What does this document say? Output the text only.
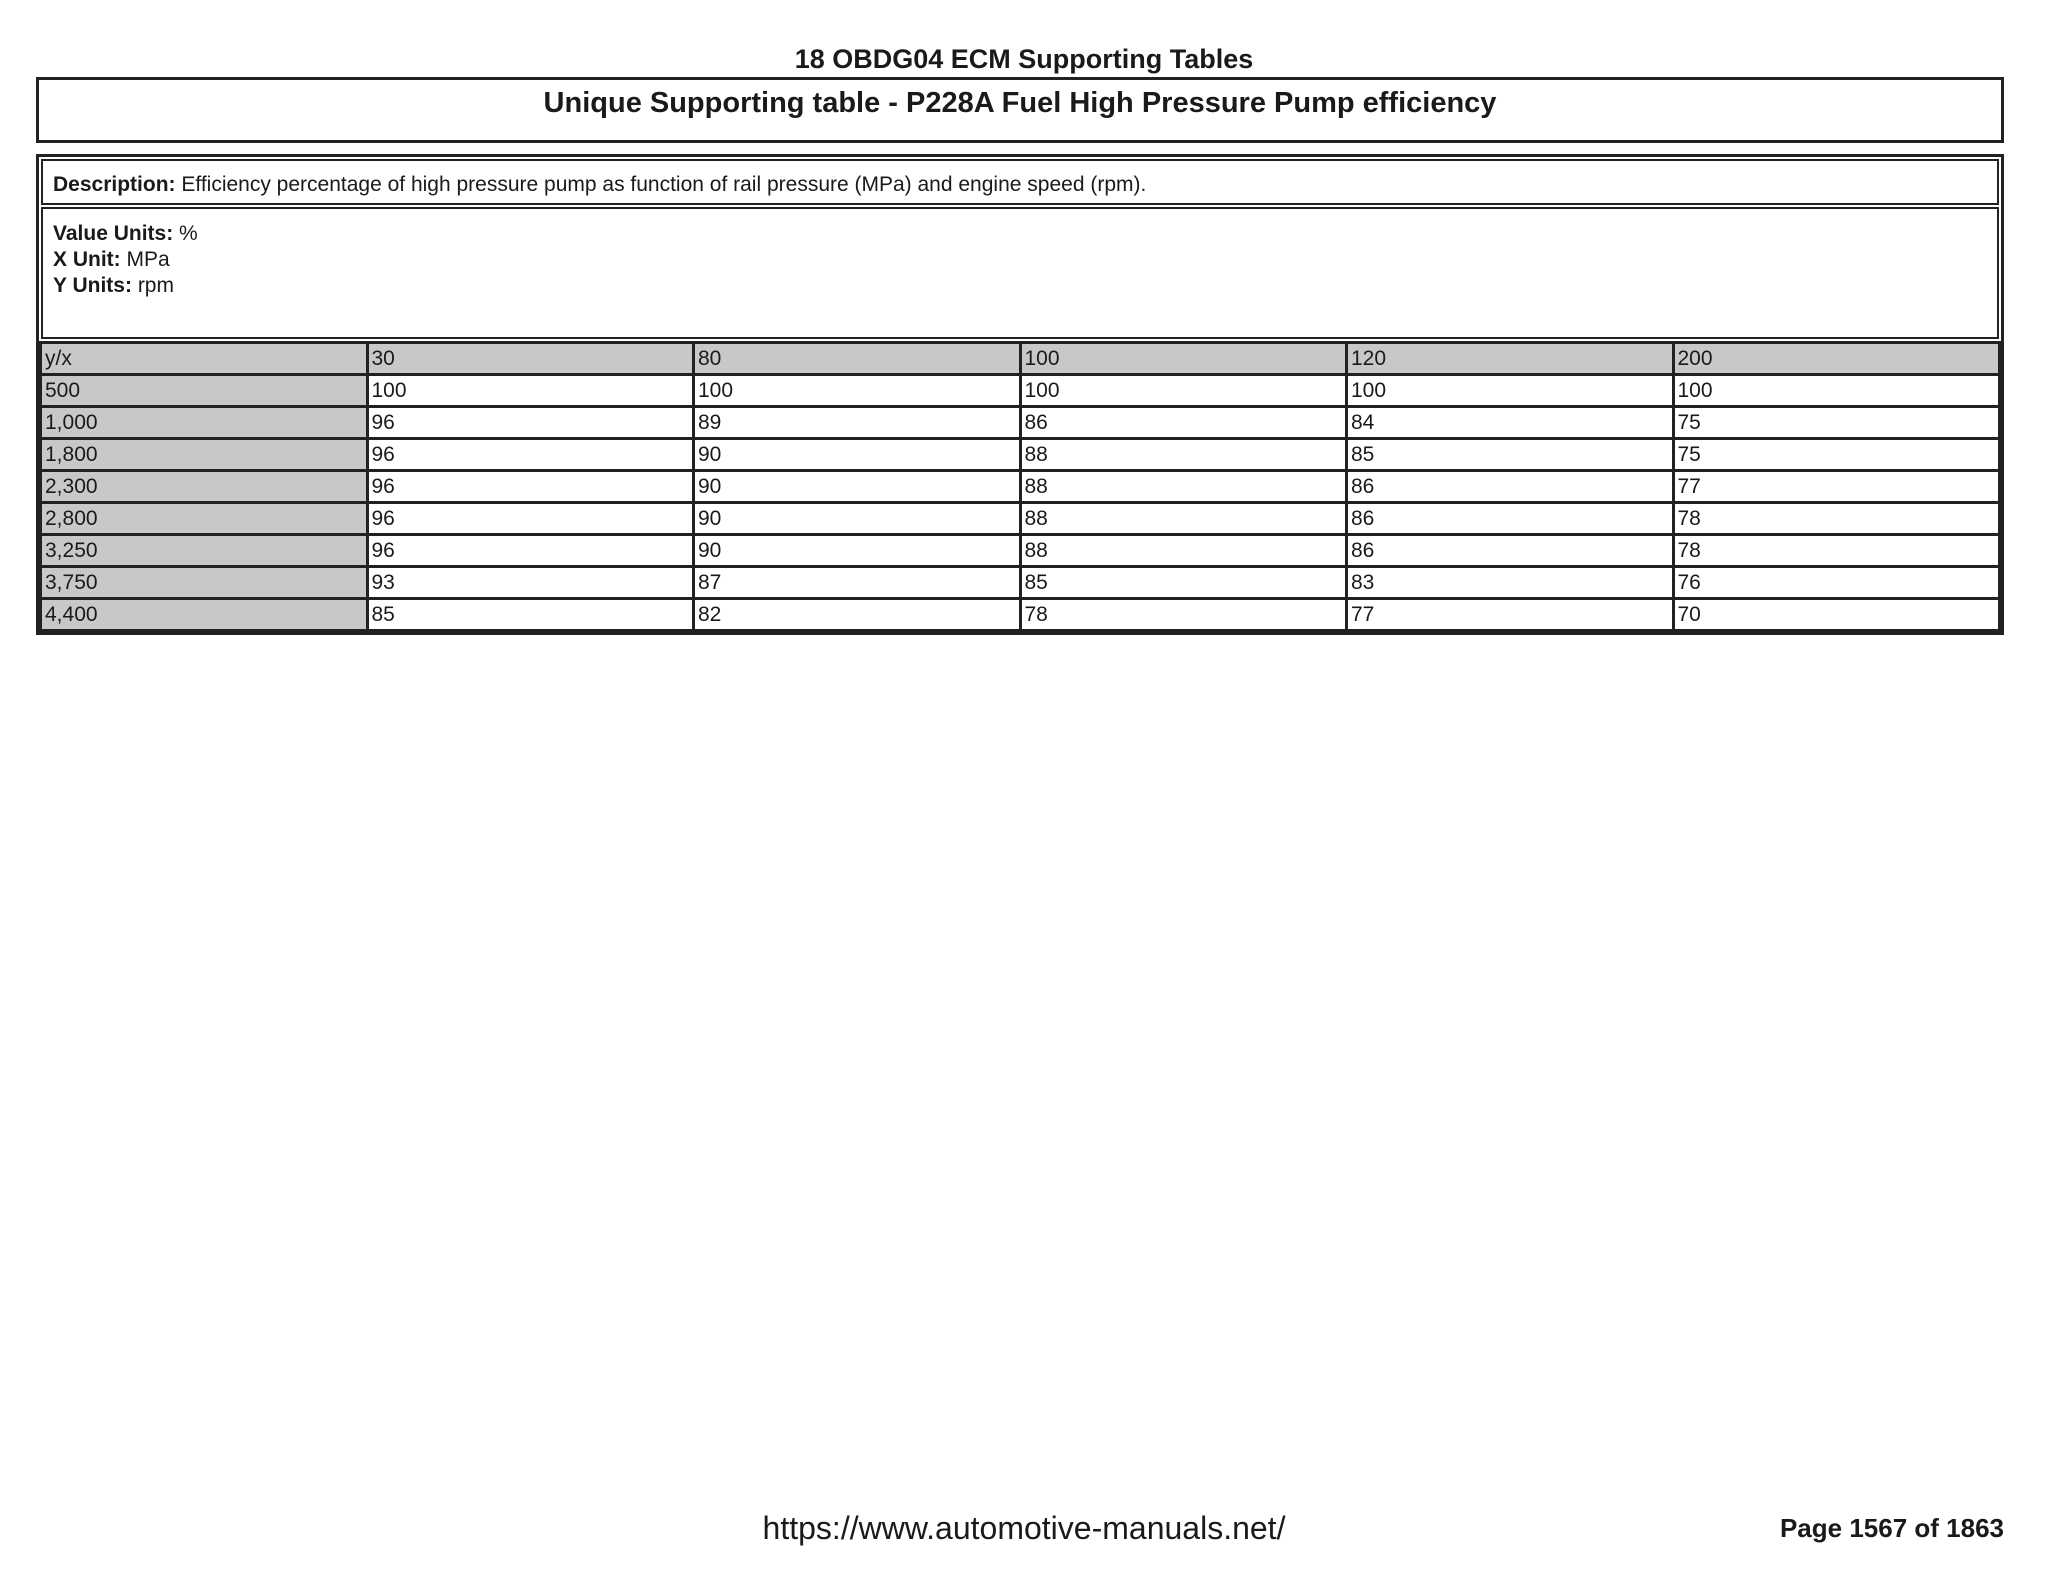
18 OBDG04 ECM Supporting Tables
Unique Supporting table - P228A Fuel High Pressure Pump efficiency
Description: Efficiency percentage of high pressure pump as function of rail pressure (MPa) and engine speed (rpm).
Value Units: %
X Unit: MPa
Y Units: rpm
y/x	30	80	100	120	200
500	100	100	100	100	100
1,000	96	89	86	84	75
1,800	96	90	88	85	75
2,300	96	90	88	86	77
2,800	96	90	88	86	78
3,250	96	90	88	86	78
3,750	93	87	85	83	76
4,400	85	82	78	77	70
https://www.automotive-manuals.net/	Page 1567 of 1863
